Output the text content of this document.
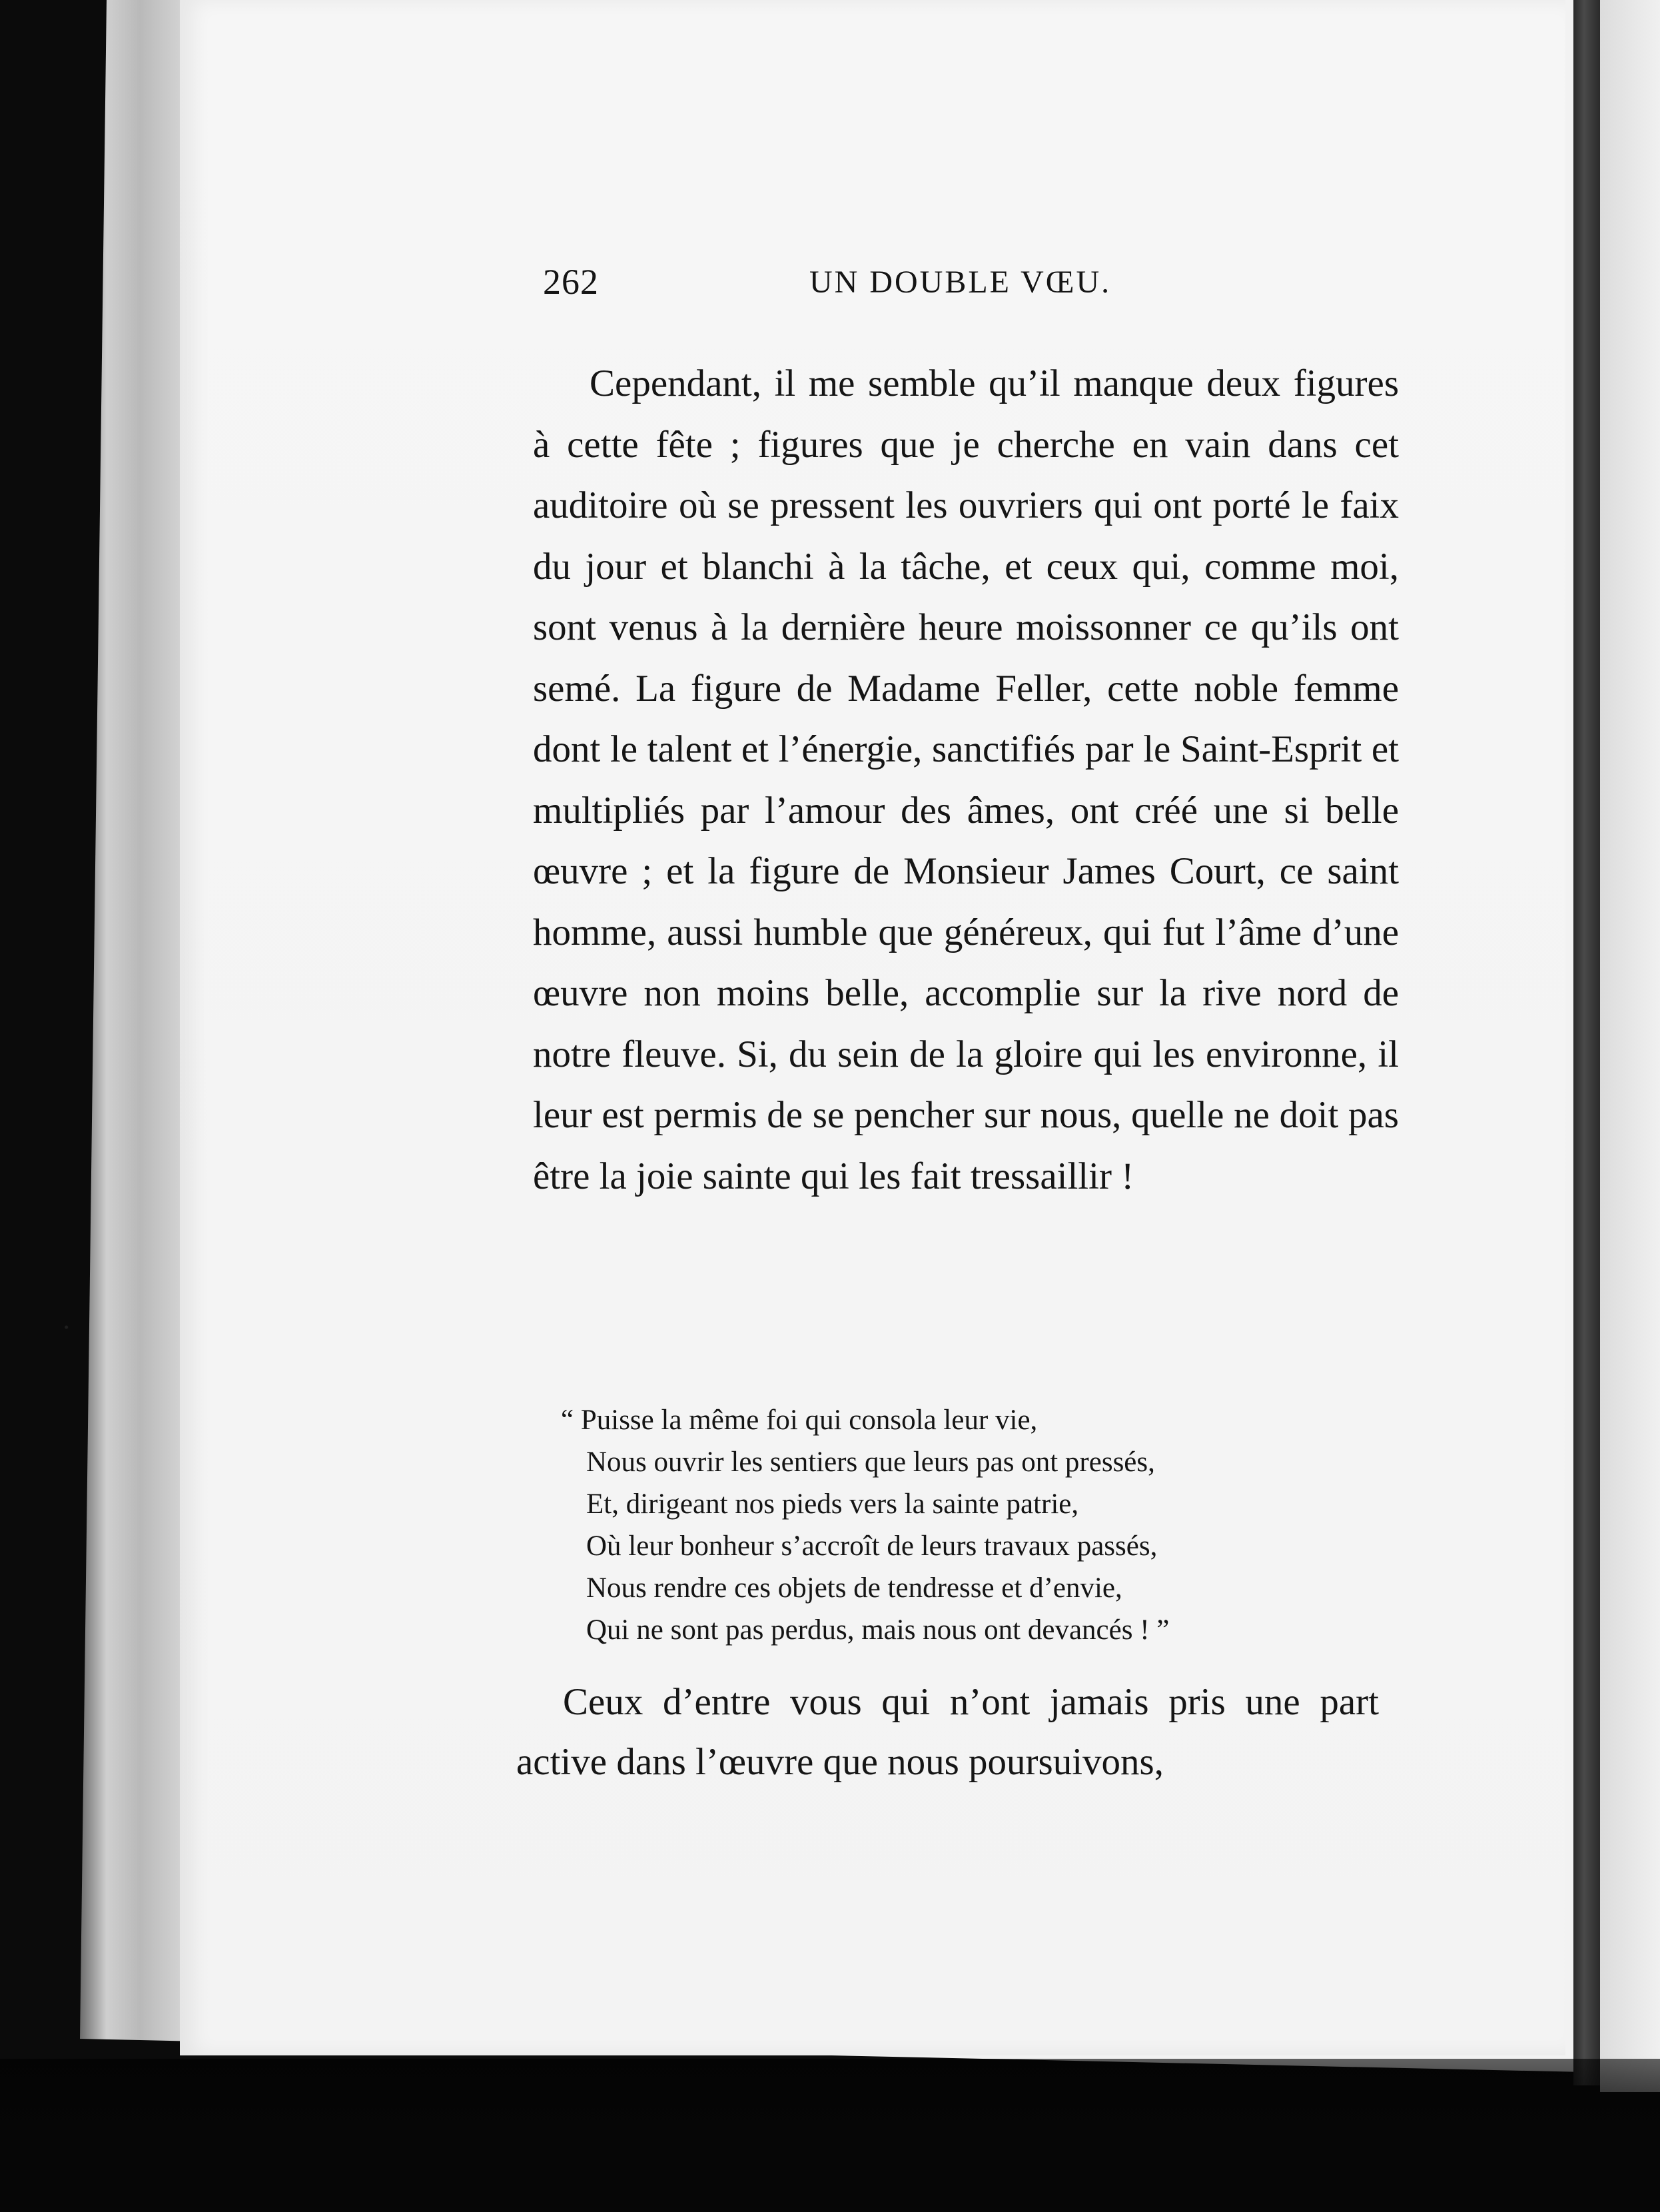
262	UN DOUBLE VŒU.

Cependant, il me semble qu’il manque deux figures à cette fête ; figures que je cherche en vain dans cet auditoire où se pressent les ouvriers qui ont porté le faix du jour et blanchi à la tâche, et ceux qui, comme moi, sont venus à la dernière heure moissonner ce qu’ils ont semé. La figure de Madame Feller, cette noble femme dont le talent et l’énergie, sanctifiés par le Saint-Esprit et multipliés par l’amour des âmes, ont créé une si belle œuvre ; et la figure de Monsieur James Court, ce saint homme, aussi humble que généreux, qui fut l’âme d’une œuvre non moins belle, accomplie sur la rive nord de notre fleuve. Si, du sein de la gloire qui les environne, il leur est permis de se pencher sur nous, quelle ne doit pas être la joie sainte qui les fait tressaillir !

“ Puisse la même foi qui consola leur vie,
Nous ouvrir les sentiers que leurs pas ont pressés,
Et, dirigeant nos pieds vers la sainte patrie,
Où leur bonheur s’accroît de leurs travaux passés,
Nous rendre ces objets de tendresse et d’envie,
Qui ne sont pas perdus, mais nous ont devancés ! ”

Ceux d’entre vous qui n’ont jamais pris une part active dans l’œuvre que nous poursuivons,
